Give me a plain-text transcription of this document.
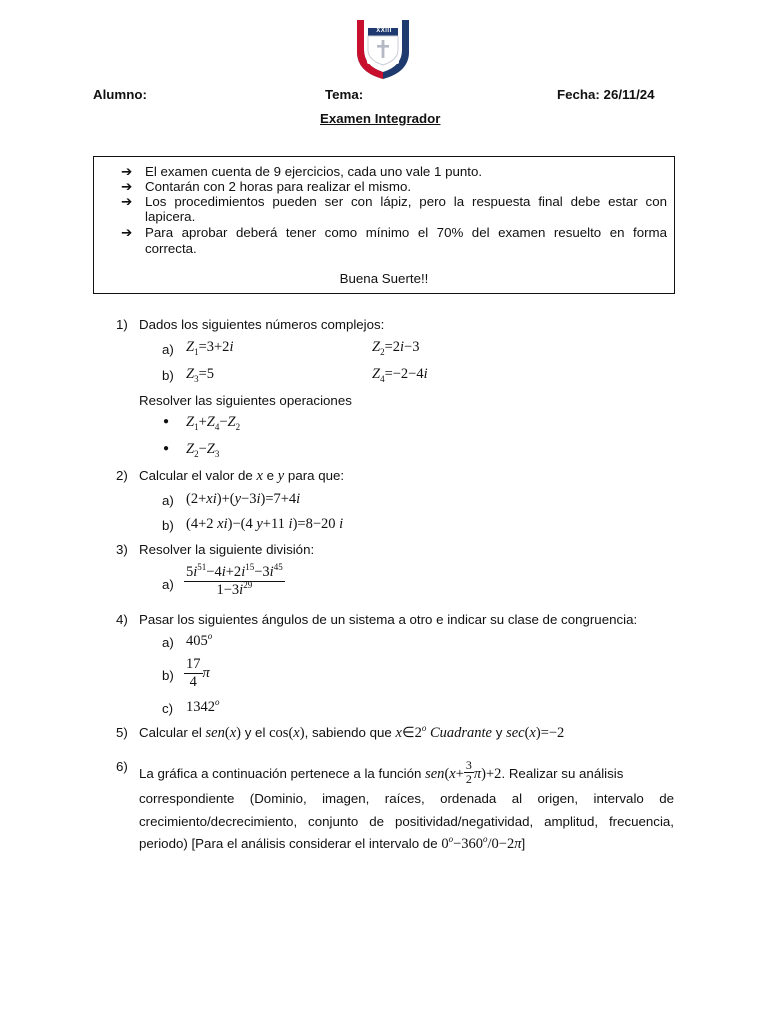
XXIII
Alumno:	Tema:	Fecha: 26/11/24
Examen Integrador
➔ El examen cuenta de 9 ejercicios, cada uno vale 1 punto.
➔ Contarán con 2 horas para realizar el mismo.
➔ Los procedimientos pueden ser con lápiz, pero la respuesta final debe estar con
lapicera.
➔ Para aprobar deberá tener como mínimo el 70% del examen resuelto en forma
correcta.
Buena Suerte!!
1) Dados los siguientes números complejos:
a) $Z_1=3+2i$	$Z_2=2i-3$
b) $Z_3=5$	$Z_4=-2-4i$
Resolver las siguientes operaciones
● $Z_1+Z_4-Z_2$
● $Z_2-Z_3$
2) Calcular el valor de x e y para que:
a) (2+xi)+(y−3i)=7+4i
b) (4+2 xi)−(4 y+11 i)=8−20 i
3) Resolver la siguiente división:
$a) \frac{5i^{51}-4i+2i^{15}-3i^{45}}{1-3i^{29}}$
4) Pasar los siguientes ángulos de un sistema a otro e indicar su clase de congruencia:
a) 405$^o$
$b) \frac{17}{4}$ π
c) 1342$^o$
5) Calcular el sen(x) y el cos(x), sabiendo que x∈2$^o$ Cuadrante y sec(x)=−2
6) La gráfica a continuación pertenece a la función $sen(x+ \frac{3}{2} \pi)+2$. Realizar su análisis
correspondiente (Dominio, imagen, raíces, ordenada al origen, intervalo de
crecimiento/decrecimiento, conjunto de positividad/negatividad, amplitud, frecuencia,
periodo) [Para el análisis considerar el intervalo de $0^o-360^o/0-2\pi$]
